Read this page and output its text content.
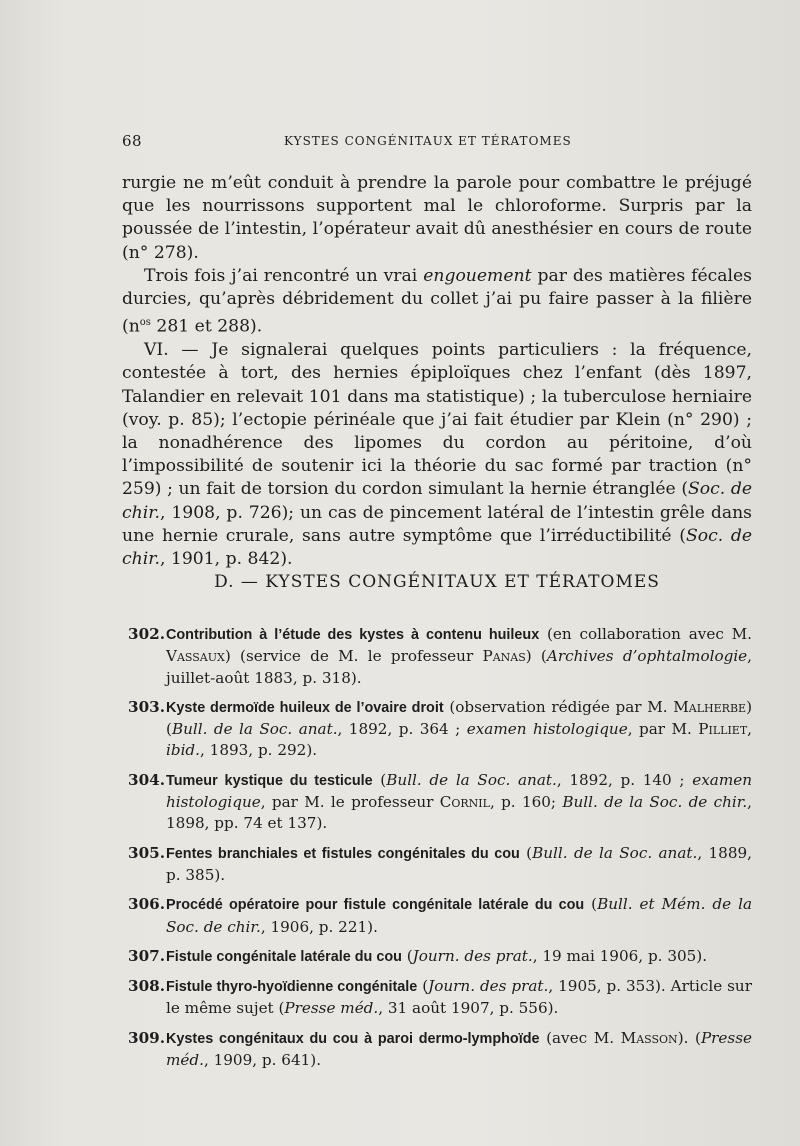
68	KYSTES CONGÉNITAUX ET TÉRATOMES

rurgie ne m’eût conduit à prendre la parole pour combattre le préjugé que les nourrissons supportent mal le chloroforme. Surpris par la poussée de l’intestin, l’opérateur avait dû anesthésier en cours de route (n° 278).

Trois fois j’ai rencontré un vrai engouement par des matières fécales durcies, qu’après débridement du collet j’ai pu faire passer à la filière ($n^{os}$ 281 et 288).

VI. — Je signalerai quelques points particuliers : la fréquence, contestée à tort, des hernies épiploïques chez l’enfant (dès 1897, Talandier en relevait 101 dans ma statistique) ; la tuberculose herniaire (voy. p. 85); l’ectopie périnéale que j’ai fait étudier par Klein (n° 290) ; la nonadhérence des lipomes du cordon au péritoine, d’où l’impossibilité de soutenir ici la théorie du sac formé par traction (n° 259) ; un fait de torsion du cordon simulant la hernie étranglée (Soc. de chir., 1908, p. 726); un cas de pincement latéral de l’intestin grêle dans une hernie crurale, sans autre symptôme que l’irréductibilité (Soc. de chir., 1901, p. 842).

D. — KYSTES CONGÉNITAUX ET TÉRATOMES
302. Contribution à l’étude des kystes à contenu huileux (en collaboration avec M. Vassaux) (service de M. le professeur Panas) (Archives d’ophtalmologie, juillet-août 1883, p. 318).
303. Kyste dermoïde huileux de l’ovaire droit (observation rédigée par M. Malherbe) (Bull. de la Soc. anat., 1892, p. 364 ; examen histologique, par M. Pilliet, ibid., 1893, p. 292).
304. Tumeur kystique du testicule (Bull. de la Soc. anat., 1892, p. 140 ; examen histologique, par M. le professeur Cornil, p. 160; Bull. de la Soc. de chir., 1898, pp. 74 et 137).
305. Fentes branchiales et fistules congénitales du cou (Bull. de la Soc. anat., 1889, p. 385).
306. Procédé opératoire pour fistule congénitale latérale du cou (Bull. et Mém. de la Soc. de chir., 1906, p. 221).
307. Fistule congénitale latérale du cou (Journ. des prat., 19 mai 1906, p. 305).
308. Fistule thyro-hyoïdienne congénitale (Journ. des prat., 1905, p. 353). Article sur le même sujet (Presse méd., 31 août 1907, p. 556).
309. Kystes congénitaux du cou à paroi dermo-lymphoïde (avec M. Masson). (Presse méd., 1909, p. 641).
